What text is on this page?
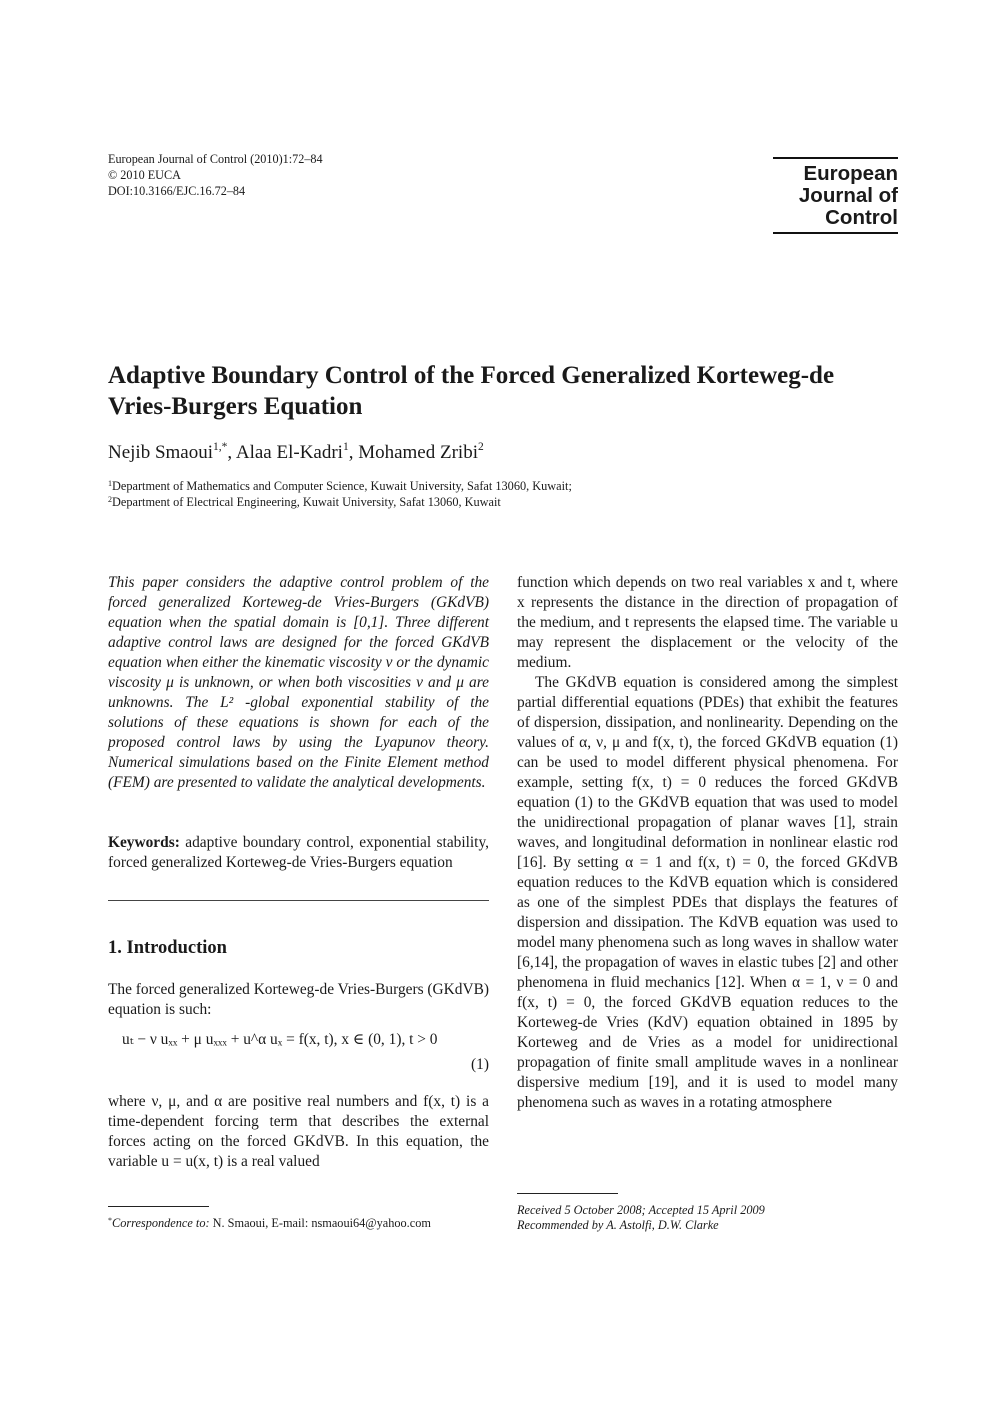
European Journal of Control (2010)1:72–84
© 2010 EUCA
DOI:10.3166/EJC.16.72–84
European
Journal of
Control
Adaptive Boundary Control of the Forced Generalized Korteweg-de Vries-Burgers Equation
Nejib Smaoui$^{1,*}$, Alaa El-Kadri$^1$, Mohamed Zribi$^2$
$^1$Department of Mathematics and Computer Science, Kuwait University, Safat 13060, Kuwait;
$^2$Department of Electrical Engineering, Kuwait University, Safat 13060, Kuwait
This paper considers the adaptive control problem of the forced generalized Korteweg-de Vries-Burgers (GKdVB) equation when the spatial domain is [0,1]. Three different adaptive control laws are designed for the forced GKdVB equation when either the kinematic viscosity ν or the dynamic viscosity μ is unknown, or when both viscosities ν and μ are unknowns. The L² -global exponential stability of the solutions of these equations is shown for each of the proposed control laws by using the Lyapunov theory. Numerical simulations based on the Finite Element method (FEM) are presented to validate the analytical developments.
Keywords: adaptive boundary control, exponential stability, forced generalized Korteweg-de Vries-Burgers equation
1. Introduction
The forced generalized Korteweg-de Vries-Burgers (GKdVB) equation is such:
uₜ − ν uₓₓ + μ uₓₓₓ + u^α uₓ = f(x, t), x ∈ (0, 1), t > 0
(1)
where ν, μ, and α are positive real numbers and f(x, t) is a time-dependent forcing term that describes the external forces acting on the forced GKdVB. In this equation, the variable u = u(x, t) is a real valued
*Correspondence to: N. Smaoui, E-mail: nsmaoui64@yahoo.com

function which depends on two real variables x and t, where x represents the distance in the direction of propagation of the medium, and t represents the elapsed time. The variable u may represent the displacement or the velocity of the medium.

The GKdVB equation is considered among the simplest partial differential equations (PDEs) that exhibit the features of dispersion, dissipation, and nonlinearity. Depending on the values of α, ν, μ and f(x, t), the forced GKdVB equation (1) can be used to model different physical phenomena. For example, setting f(x, t) = 0 reduces the forced GKdVB equation (1) to the GKdVB equation that was used to model the unidirectional propagation of planar waves [1], strain waves, and longitudinal deformation in nonlinear elastic rod [16]. By setting α = 1 and f(x, t) = 0, the forced GKdVB equation reduces to the KdVB equation which is considered as one of the simplest PDEs that displays the features of dispersion and dissipation. The KdVB equation was used to model many phenomena such as long waves in shallow water [6,14], the propagation of waves in elastic tubes [2] and other phenomena in fluid mechanics [12]. When α = 1, ν = 0 and f(x, t) = 0, the forced GKdVB equation reduces to the Korteweg-de Vries (KdV) equation obtained in 1895 by Korteweg and de Vries as a model for unidirectional propagation of finite small amplitude waves in a nonlinear dispersive medium [19], and it is used to model many phenomena such as waves in a rotating atmosphere

Received 5 October 2008; Accepted 15 April 2009
Recommended by A. Astolfi, D.W. Clarke
